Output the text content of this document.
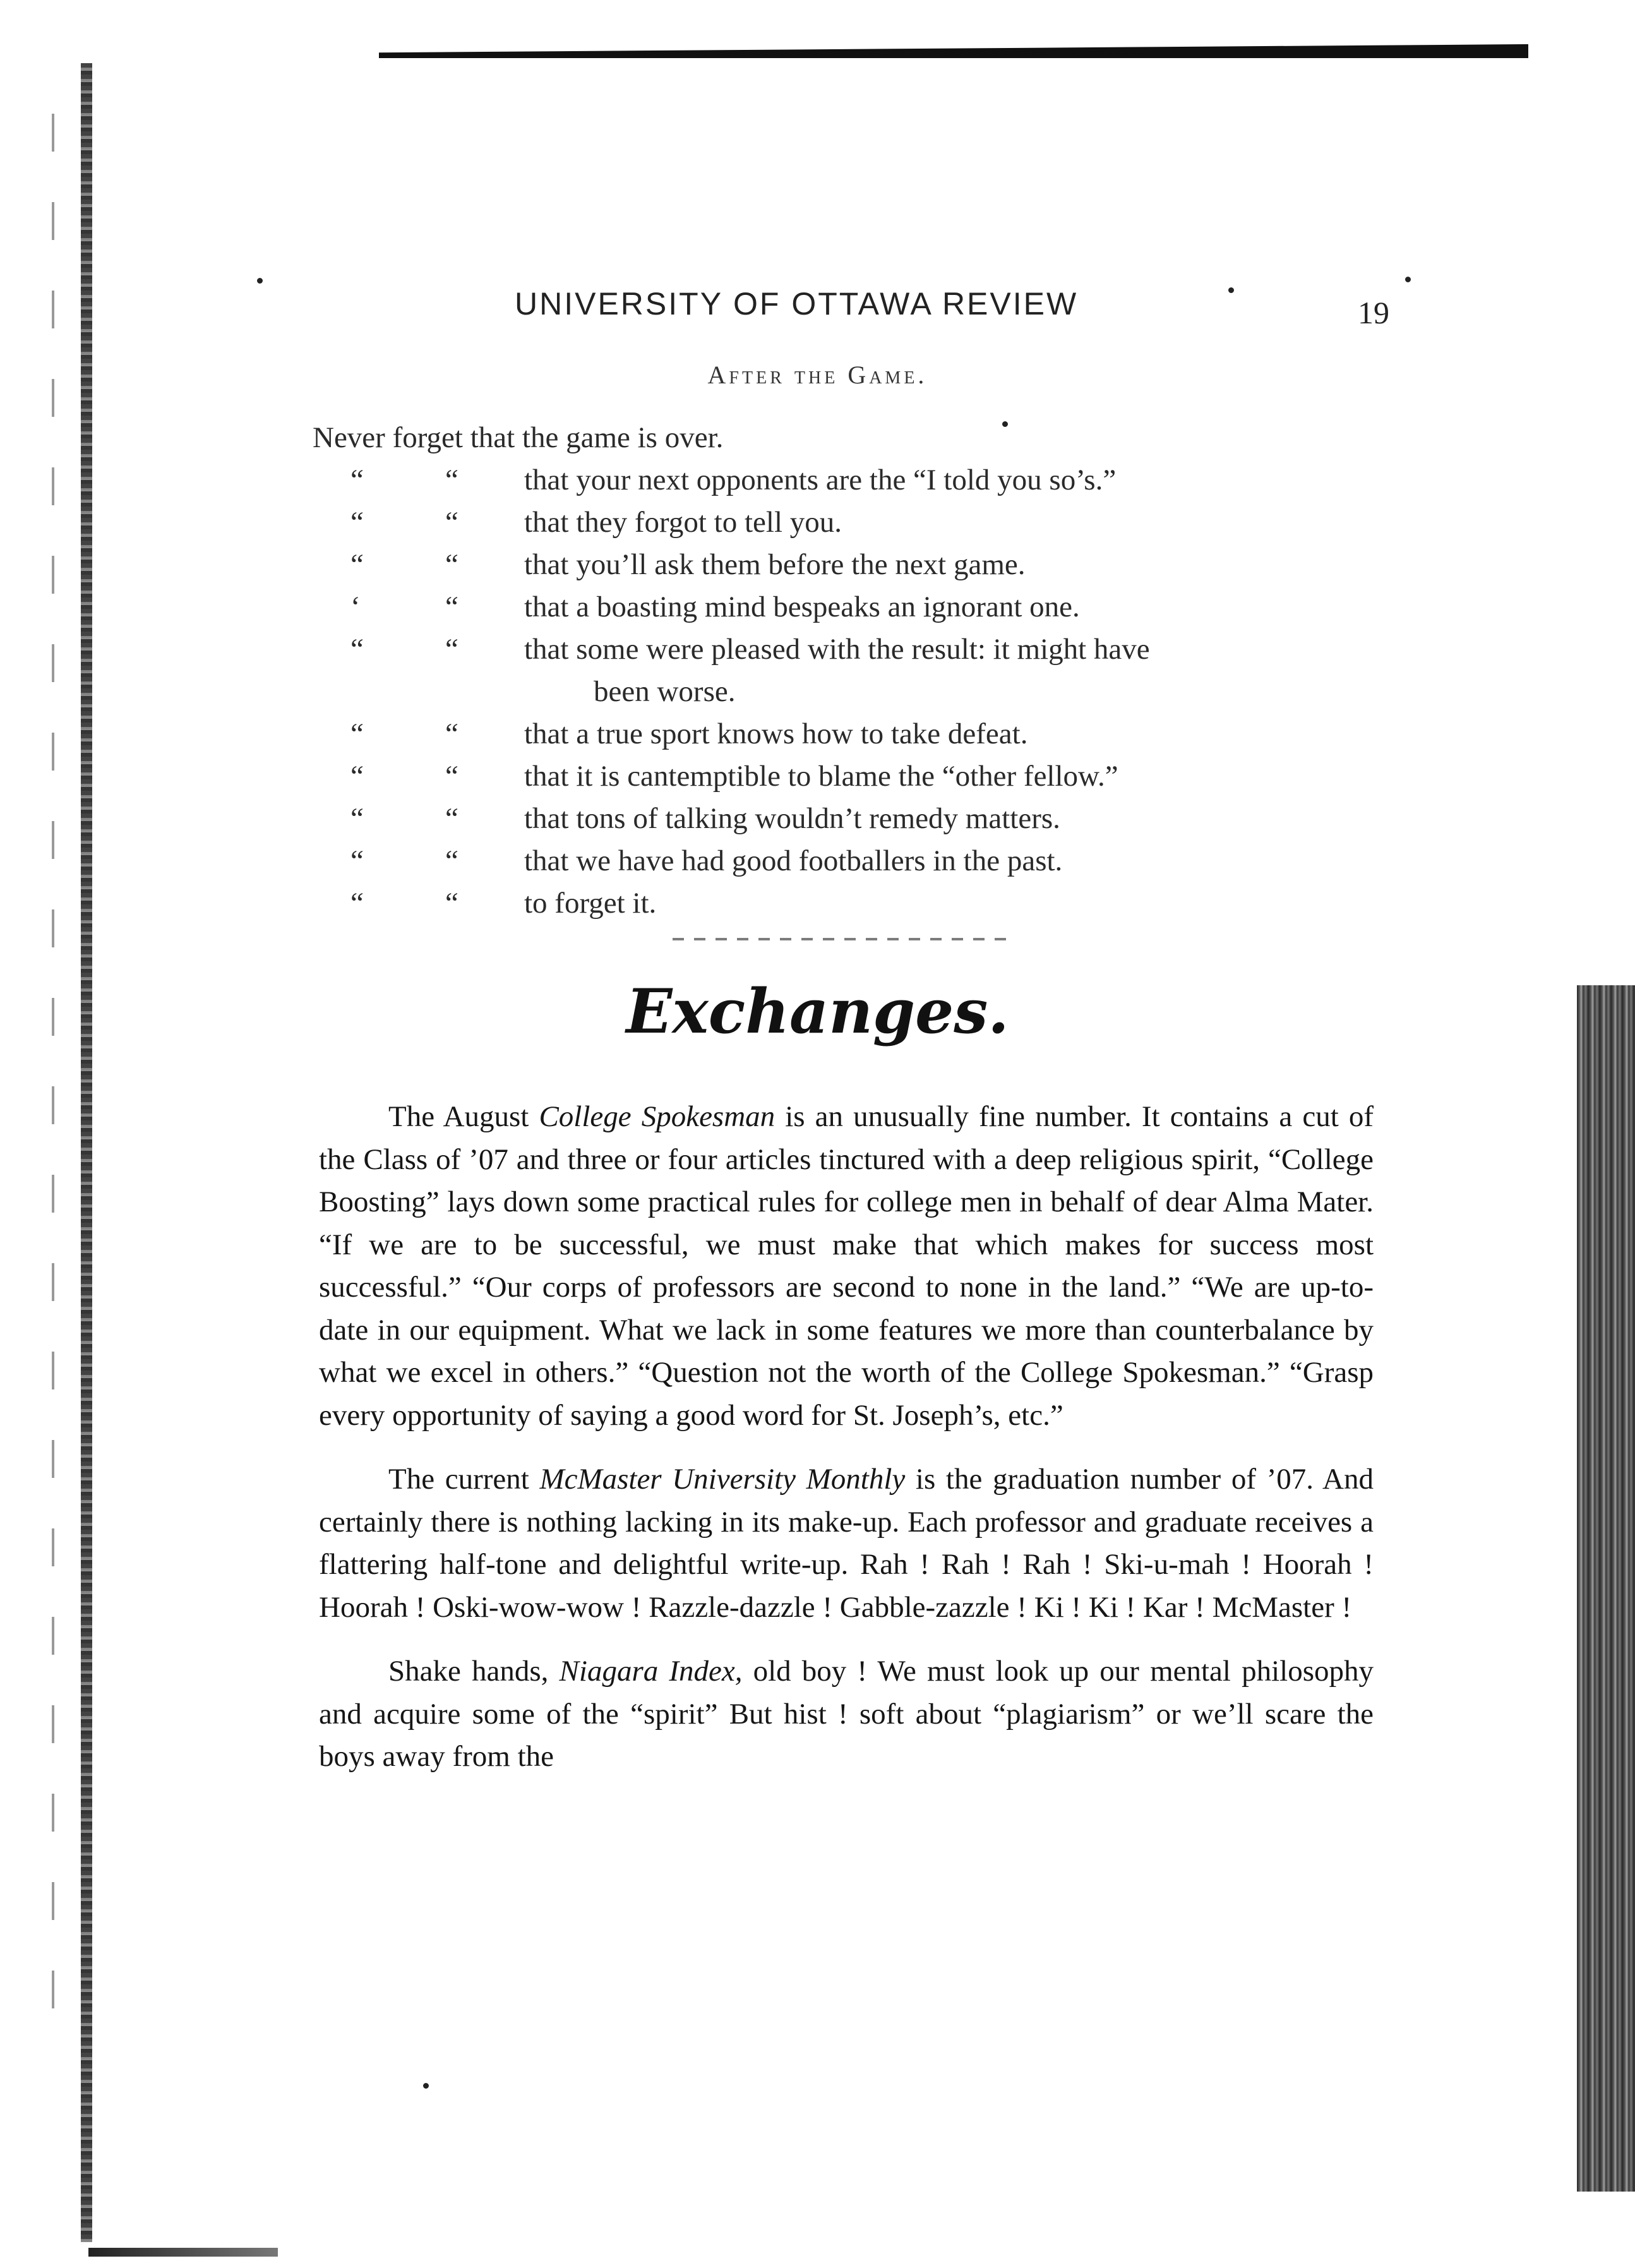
UNIVERSITY OF OTTAWA REVIEW	19
After the Game.
Never forget that the game is over.
“	“ that your next opponents are the “I told you so’s.”
“	“ that they forgot to tell you.
“	“ that you’ll ask them before the next game.
‘	“ that a boasting mind bespeaks an ignorant one.
“	“ that some were pleased with the result: it might have
been worse.
“	“ that a true sport knows how to take defeat.
“	“ that it is cantemptible to blame the “other fellow.”
“	“ that tons of talking wouldn’t remedy matters.
“	“ that we have had good footballers in the past.
“	“ to forget it.
Exchanges.

The August College Spokesman is an unusually fine number. It contains a cut of the Class of ’07 and three or four articles tinctured with a deep religious spirit, “College Boosting” lays down some practical rules for college men in behalf of dear Alma Mater. “If we are to be successful, we must make that which makes for success most successful.” “Our corps of professors are second to none in the land.” “We are up-to-date in our equipment. What we lack in some features we more than counterbalance by what we excel in others.” “Question not the worth of the College Spokesman.” “Grasp every opportunity of saying a good word for St. Joseph’s, etc.”

The current McMaster University Monthly is the graduation number of ’07. And certainly there is nothing lacking in its make-up. Each professor and graduate receives a flattering half-tone and delightful write-up. Rah ! Rah ! Rah ! Ski-u-mah ! Hoorah ! Hoorah ! Oski-wow-wow ! Razzle-dazzle ! Gabble-zazzle ! Ki ! Ki ! Kar ! McMaster !

Shake hands, Niagara Index, old boy ! We must look up our mental philosophy and acquire some of the “spirit” But hist ! soft about “plagiarism” or we’ll scare the boys away from the
